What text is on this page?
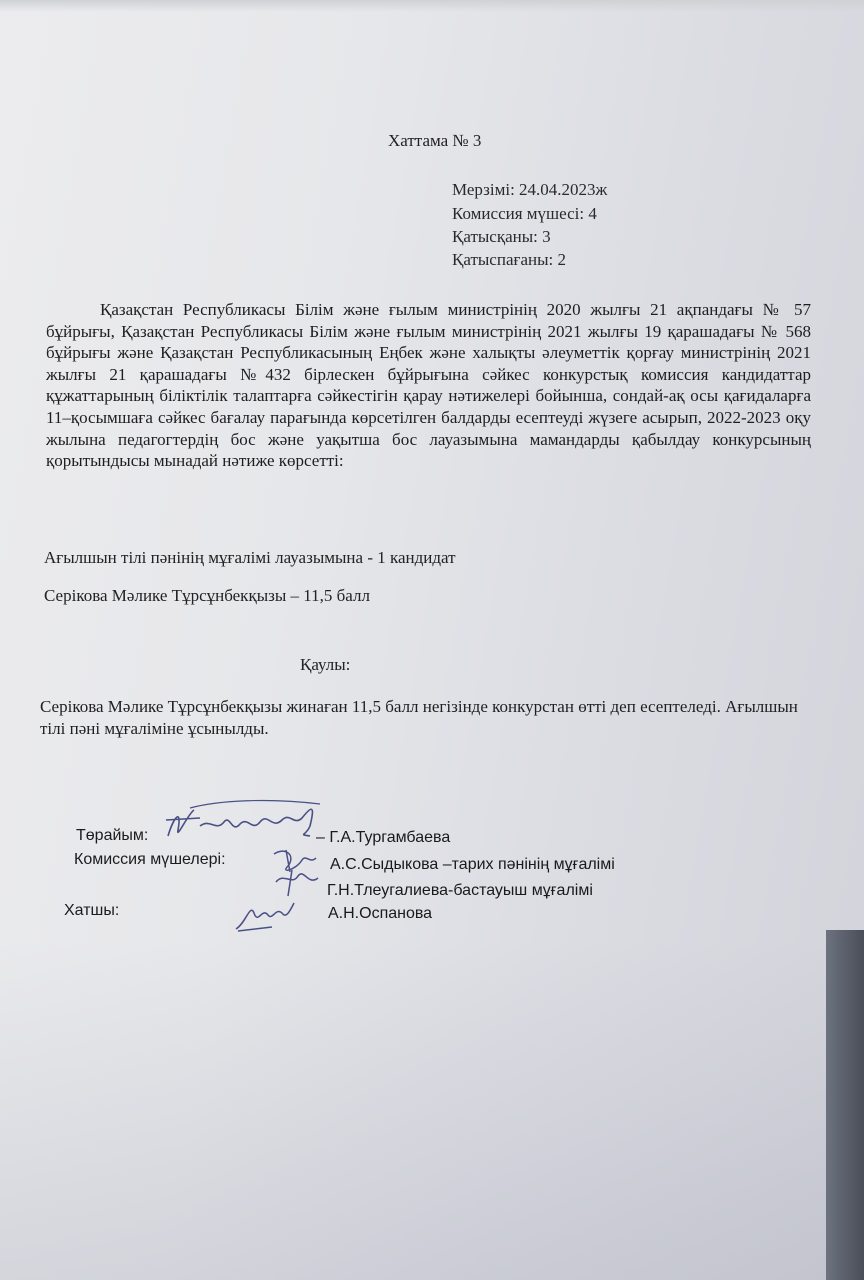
Хаттама № 3
Мерзімі: 24.04.2023ж
Комиссия мүшесі: 4
Қатысқаны: 3
Қатыспағаны: 2
Қазақстан Республикасы Білім және ғылым министрінің 2020 жылғы 21 ақпандағы № 57 бұйрығы, Қазақстан Республикасы Білім және ғылым министрінің 2021 жылғы 19 қарашадағы № 568 бұйрығы және Қазақстан Республикасының Еңбек және халықты әлеуметтік қорғау министрінің 2021 жылғы 21 қарашадағы №432 бірлескен бұйрығына сәйкес конкурстық комиссия кандидаттар құжаттарының біліктілік талаптарға сәйкестігін қарау нәтижелері бойынша, сондай-ақ осы қағидаларға 11–қосымшаға сәйкес бағалау парағында көрсетілген балдарды есептеуді жүзеге асырып, 2022-2023 оқу жылына педагогтердің бос және уақытша бос лауазымына мамандарды қабылдау конкурсының қорытындысы мынадай нәтиже көрсетті:
Ағылшын тілі пәнінің мұғалімі лауазымына - 1 кандидат
Серікова Мәлике Тұрсұнбекқызы – 11,5 балл
Қаулы:
Серікова Мәлике Тұрсұнбекқызы жинаған 11,5 балл негізінде конкурстан өтті деп есептеледі. Ағылшын тілі пәні мұғаліміне ұсынылды.
Төрайым:	– Г.А.Тургамбаева
Комиссия мүшелері:	А.С.Сыдыкова –тарих пәнінің мұғалімі
Г.Н.Тлеугалиева-бастауыш мұғалімі
Хатшы:	А.Н.Оспанова
